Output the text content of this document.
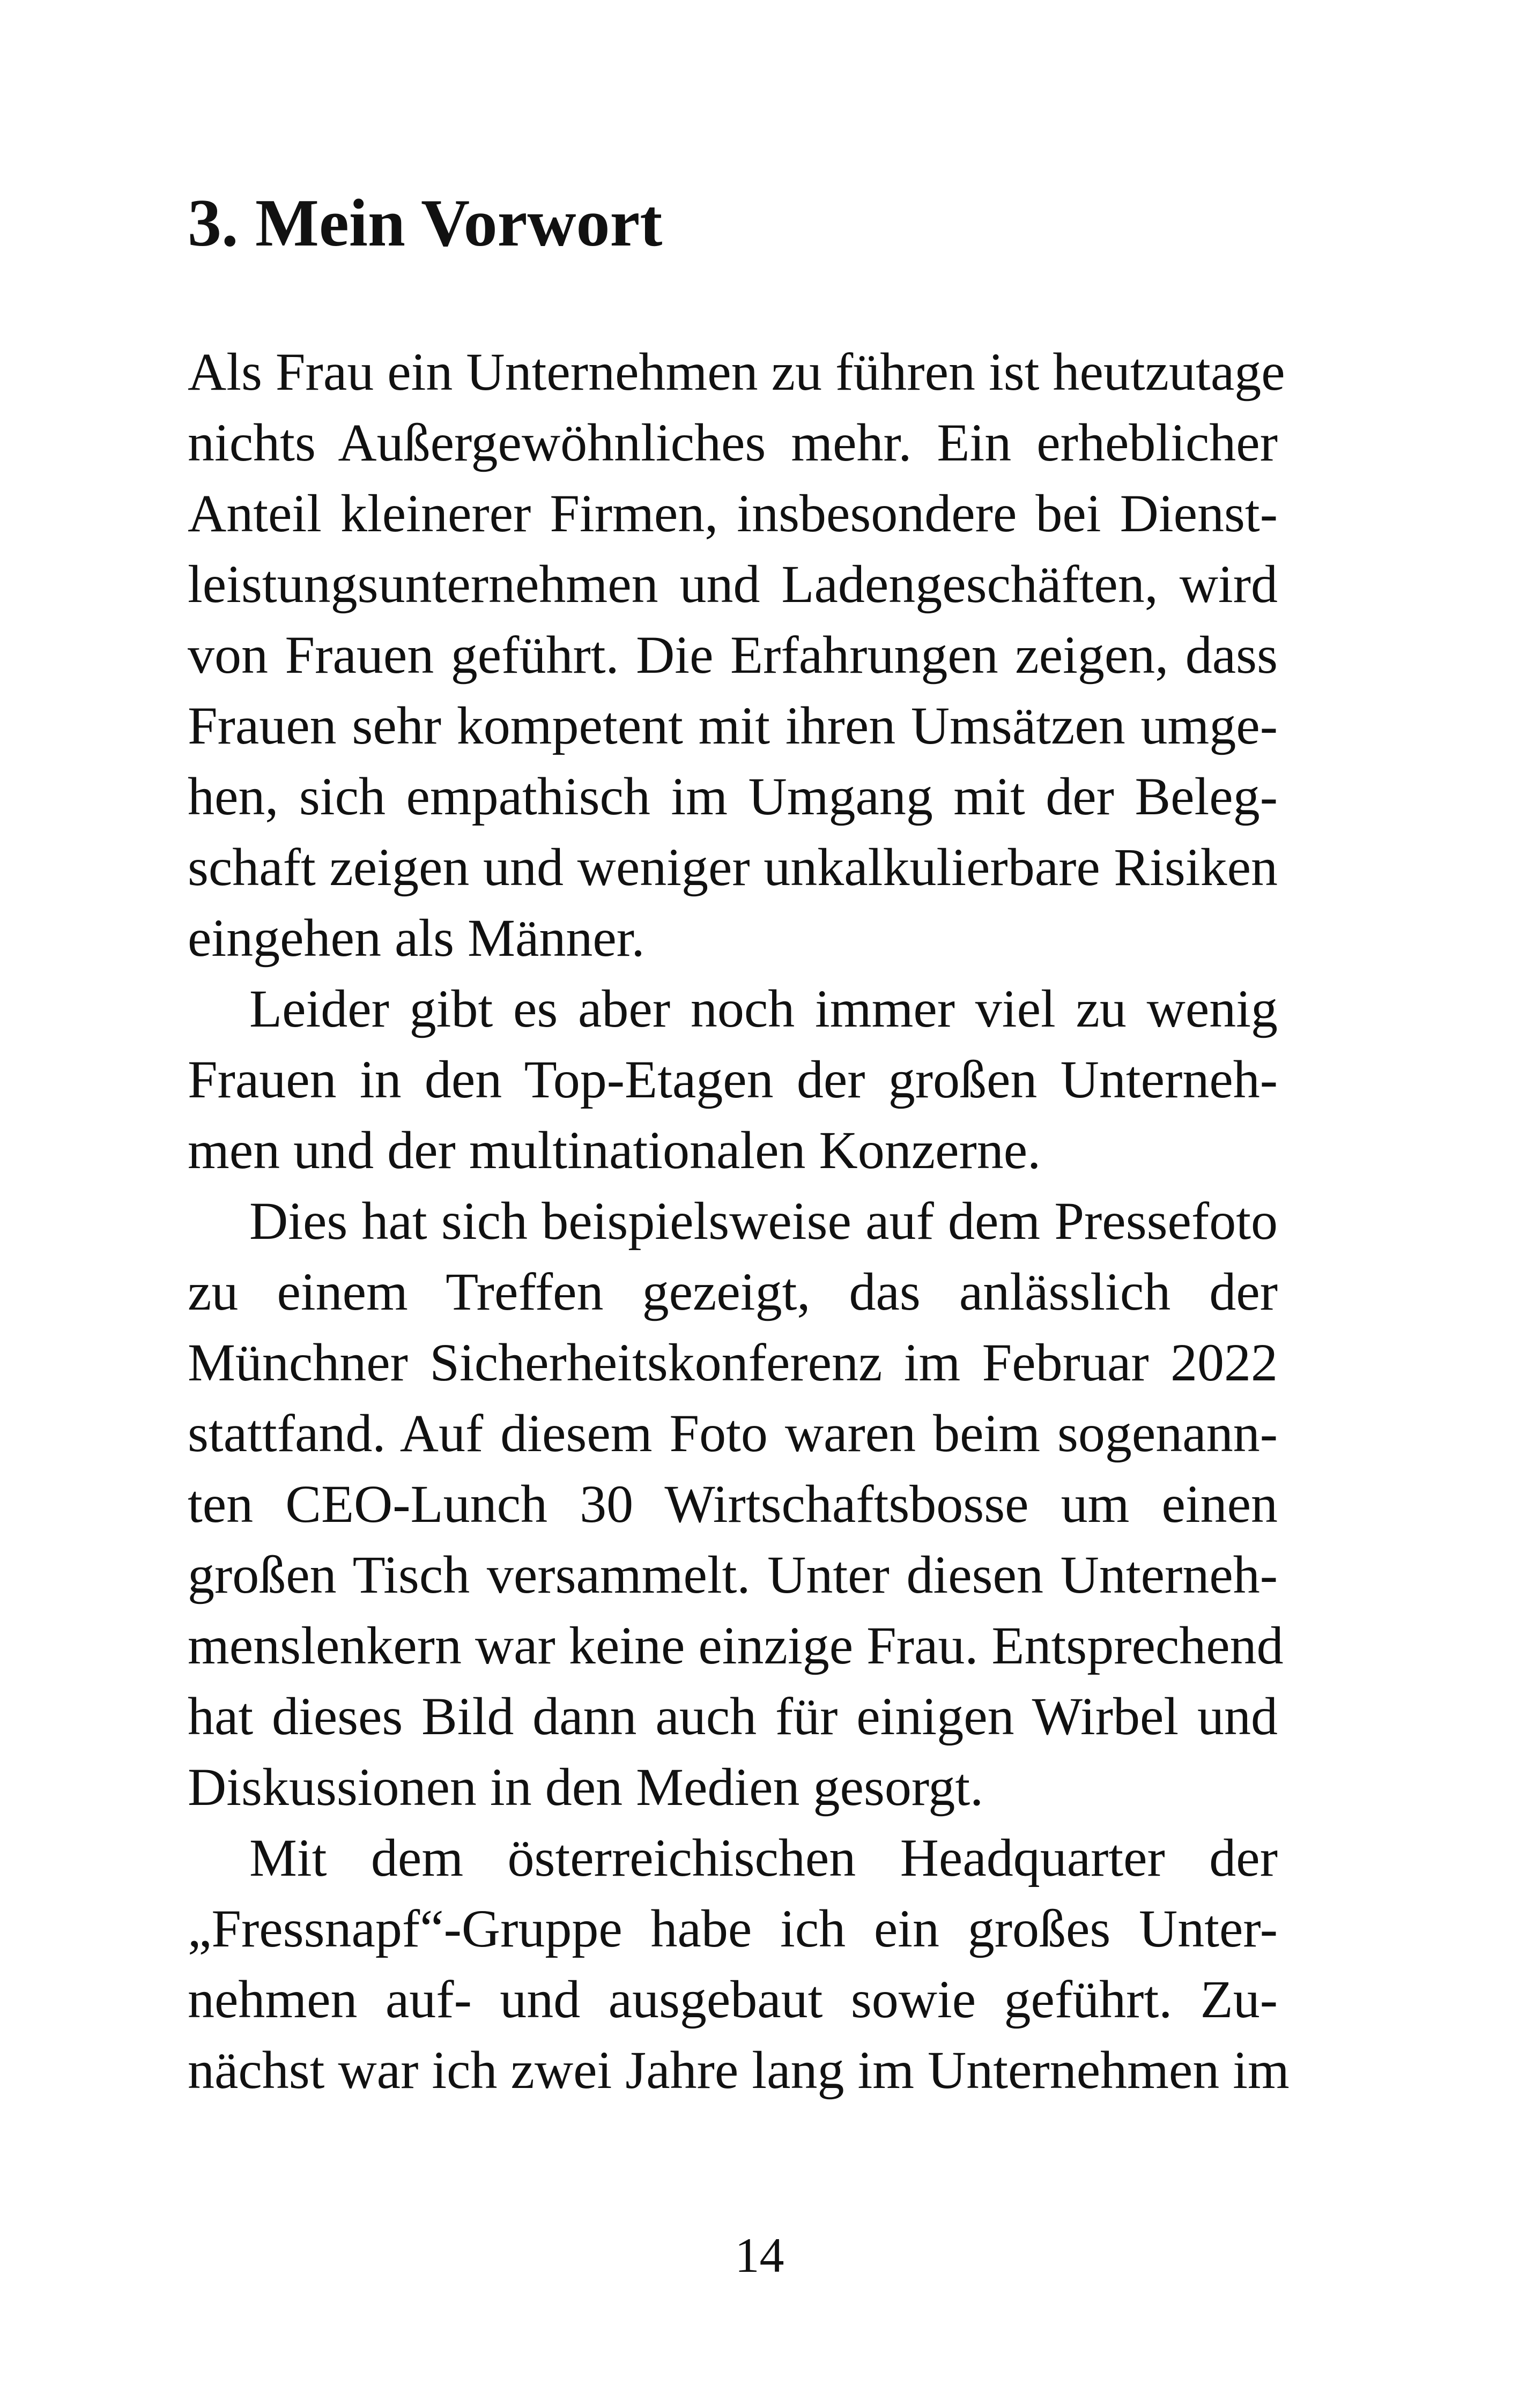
3. Mein Vorwort

Als Frau ein Unternehmen zu führen ist heutzutage
nichts Außergewöhnliches mehr. Ein erheblicher
Anteil kleinerer Firmen, insbesondere bei Dienst-
leistungsunternehmen und Ladengeschäften, wird
von Frauen geführt. Die Erfahrungen zeigen, dass
Frauen sehr kompetent mit ihren Umsätzen umge-
hen, sich empathisch im Umgang mit der Beleg-
schaft zeigen und weniger unkalkulierbare Risiken
eingehen als Männer.

Leider gibt es aber noch immer viel zu wenig
Frauen in den Top-Etagen der großen Unterneh-
men und der multinationalen Konzerne.

Dies hat sich beispielsweise auf dem Pressefoto
zu einem Treffen gezeigt, das anlässlich der
Münchner Sicherheitskonferenz im Februar 2022
stattfand. Auf diesem Foto waren beim sogenann-
ten CEO-Lunch 30 Wirtschaftsbosse um einen
großen Tisch versammelt. Unter diesen Unterneh-
menslenkern war keine einzige Frau. Entsprechend
hat dieses Bild dann auch für einigen Wirbel und
Diskussionen in den Medien gesorgt.

Mit dem österreichischen Headquarter der
„Fressnapf“-Gruppe habe ich ein großes Unter-
nehmen auf- und ausgebaut sowie geführt. Zu-
nächst war ich zwei Jahre lang im Unternehmen im

14
